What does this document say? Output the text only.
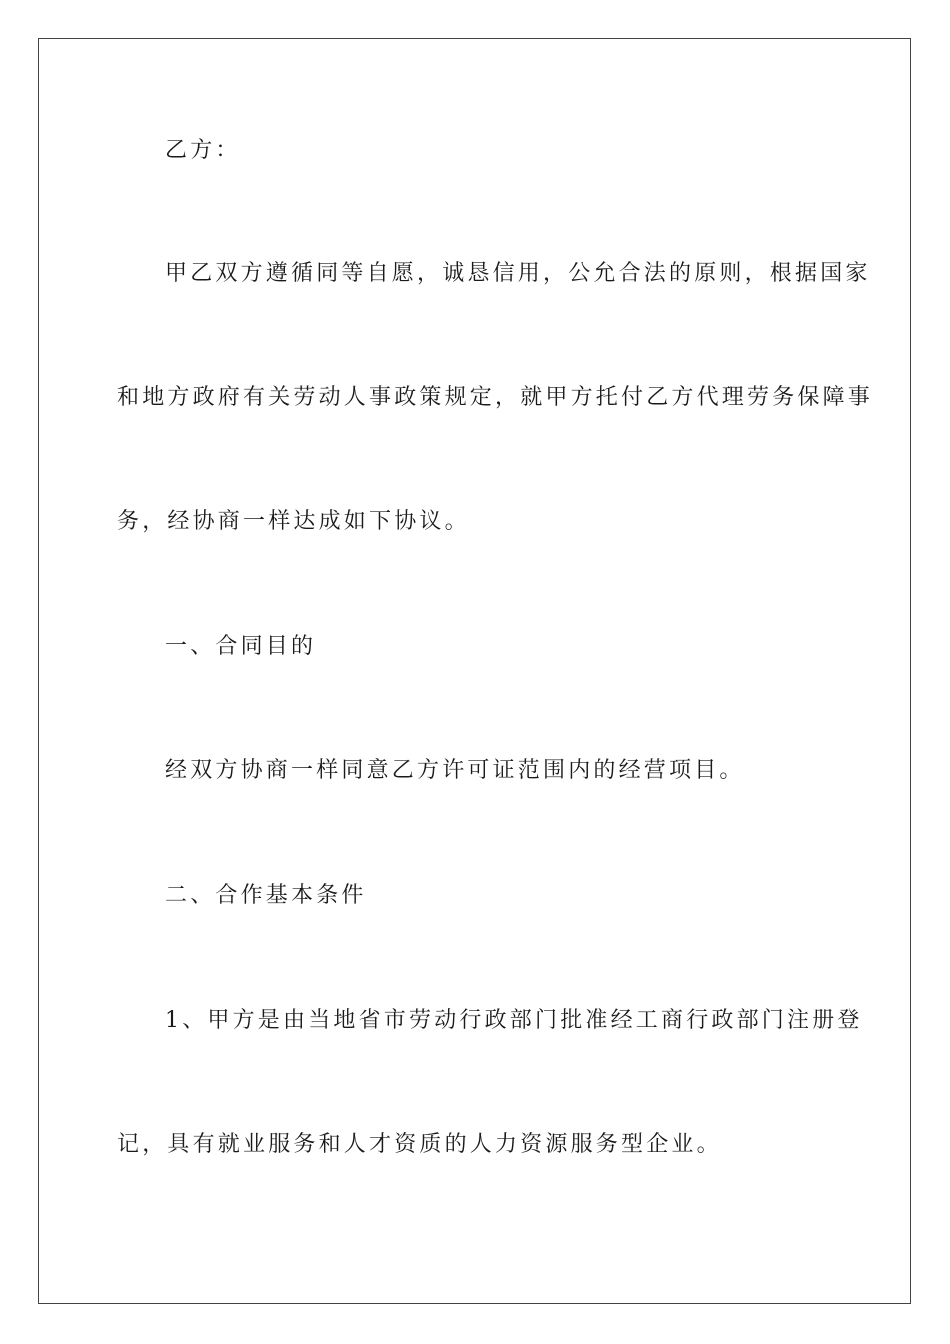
乙方：

甲乙双方遵循同等自愿，诚恳信用，公允合法的原则，根据国家

和地方政府有关劳动人事政策规定，就甲方托付乙方代理劳务保障事

务，经协商一样达成如下协议。

一、合同目的

经双方协商一样同意乙方许可证范围内的经营项目。

二、合作基本条件

1、甲方是由当地省市劳动行政部门批准经工商行政部门注册登

记，具有就业服务和人才资质的人力资源服务型企业。
